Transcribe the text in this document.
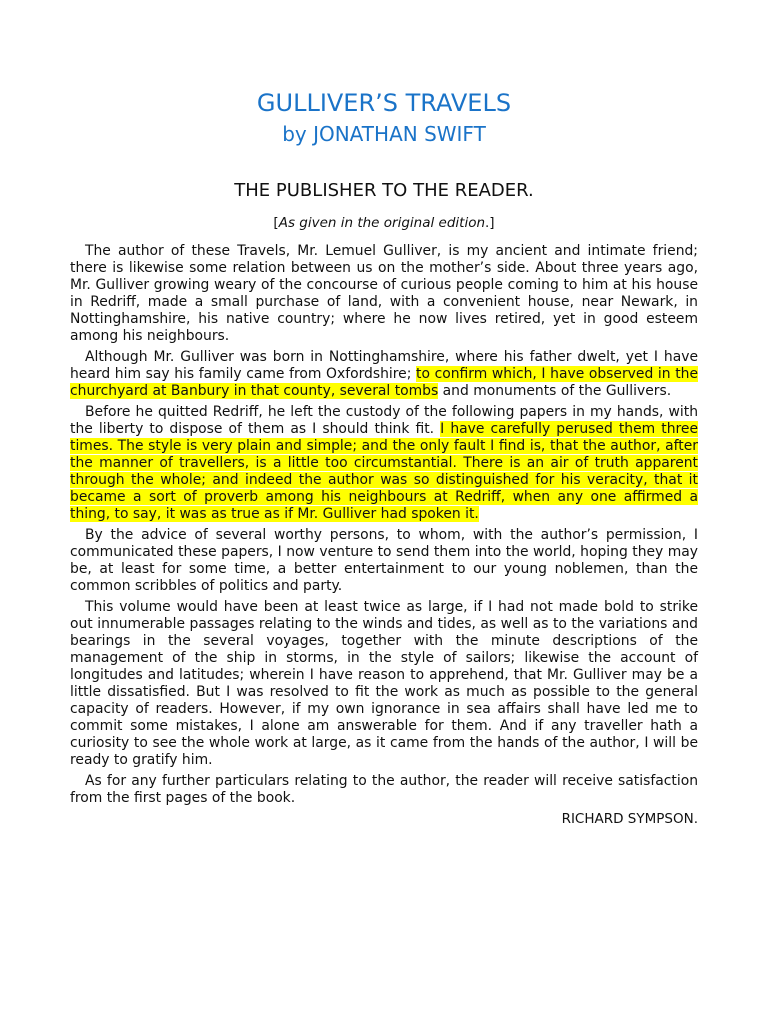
GULLIVER’S TRAVELS
by JONATHAN SWIFT
THE PUBLISHER TO THE READER.

[As given in the original edition.]

The author of these Travels, Mr. Lemuel Gulliver, is my ancient and intimate friend; there is likewise some relation between us on the mother’s side. About three years ago, Mr. Gulliver growing weary of the concourse of curious people coming to him at his house in Redriff, made a small purchase of land, with a convenient house, near Newark, in Nottinghamshire, his native country; where he now lives retired, yet in good esteem among his neighbours.

Although Mr. Gulliver was born in Nottinghamshire, where his father dwelt, yet I have heard him say his family came from Oxfordshire; to confirm which, I have observed in the churchyard at Banbury in that county, several tombs and monuments of the Gullivers.

Before he quitted Redriff, he left the custody of the following papers in my hands, with the liberty to dispose of them as I should think fit. I have carefully perused them three times. The style is very plain and simple; and the only fault I find is, that the author, after the manner of travellers, is a little too circumstantial. There is an air of truth apparent through the whole; and indeed the author was so distinguished for his veracity, that it became a sort of proverb among his neighbours at Redriff, when any one affirmed a thing, to say, it was as true as if Mr. Gulliver had spoken it.

By the advice of several worthy persons, to whom, with the author’s permission, I communicated these papers, I now venture to send them into the world, hoping they may be, at least for some time, a better entertainment to our young noblemen, than the common scribbles of politics and party.

This volume would have been at least twice as large, if I had not made bold to strike out innumerable passages relating to the winds and tides, as well as to the variations and bearings in the several voyages, together with the minute descriptions of the management of the ship in storms, in the style of sailors; likewise the account of longitudes and latitudes; wherein I have reason to apprehend, that Mr. Gulliver may be a little dissatisfied. But I was resolved to fit the work as much as possible to the general capacity of readers. However, if my own ignorance in sea affairs shall have led me to commit some mistakes, I alone am answerable for them. And if any traveller hath a curiosity to see the whole work at large, as it came from the hands of the author, I will be ready to gratify him.

As for any further particulars relating to the author, the reader will receive satisfaction from the first pages of the book.

RICHARD SYMPSON.
